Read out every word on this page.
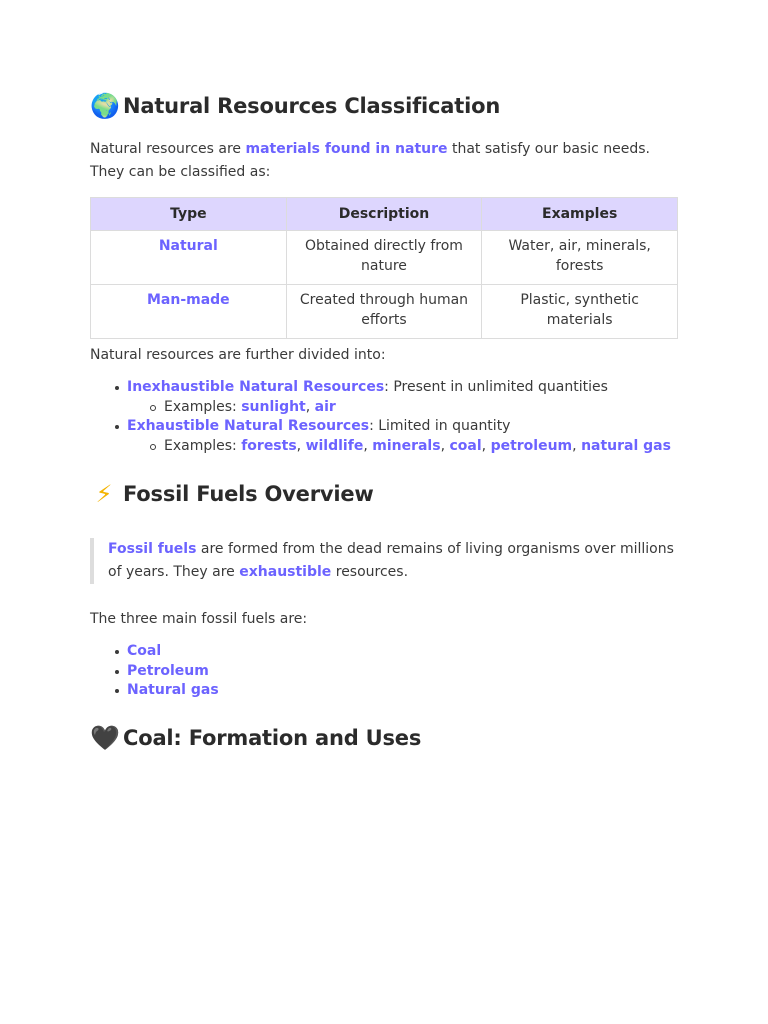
🌍 Natural Resources Classification

Natural resources are materials found in nature that satisfy our basic needs. They can be classified as:

Type	Description	Examples
Natural	Obtained directly from nature	Water, air, minerals, forests
Man-made	Created through human efforts	Plastic, synthetic materials

Natural resources are further divided into:

Inexhaustible Natural Resources: Present in unlimited quantities
Examples: sunlight, air
Exhaustible Natural Resources: Limited in quantity
Examples: forests, wildlife, minerals, coal, petroleum, natural gas
⚡ Fossil Fuels Overview

Fossil fuels are formed from the dead remains of living organisms over millions of years. They are exhaustible resources.

The three main fossil fuels are:

Coal
Petroleum
Natural gas
🖤 Coal: Formation and Uses
